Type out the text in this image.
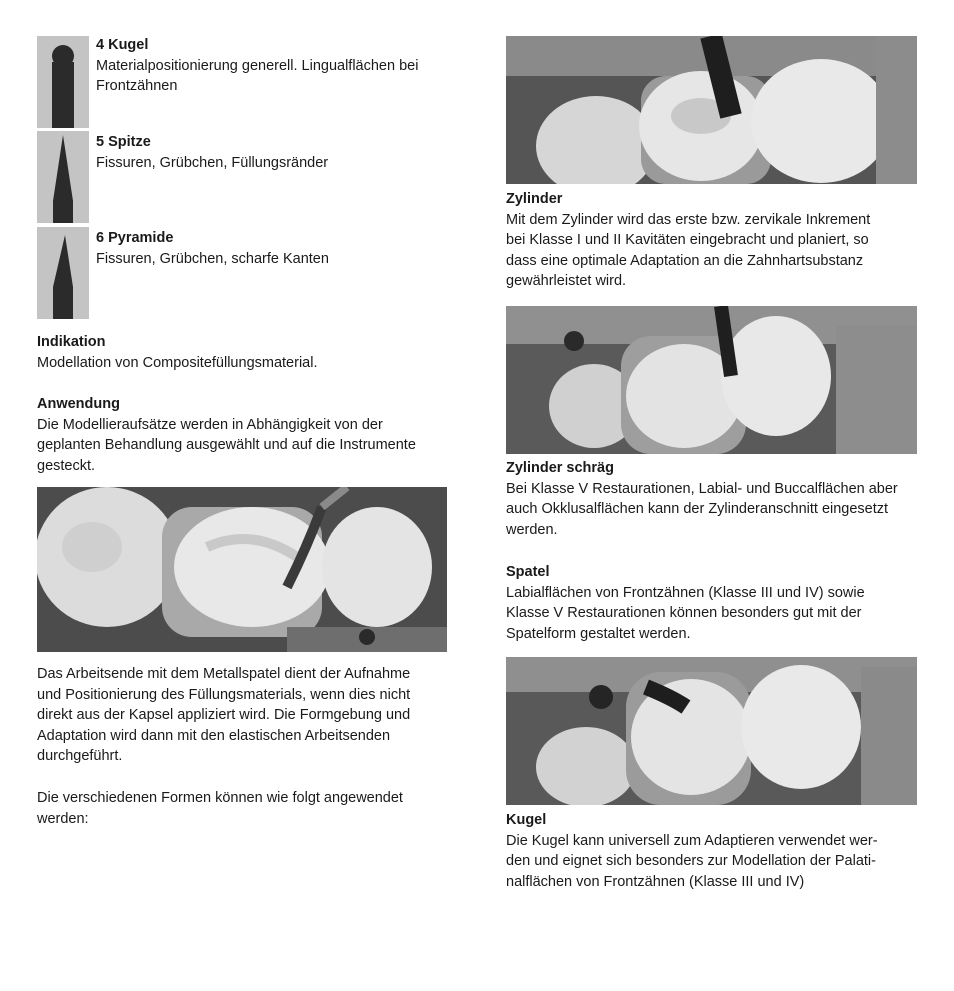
4 Kugel
Materialpositionierung generell. Lingualflächen bei
Frontzähnen
5 Spitze
Fissuren, Grübchen, Füllungsränder
6 Pyramide
Fissuren, Grübchen, scharfe Kanten
Indikation
Modellation von Compositefüllungsmaterial.
Anwendung
Die Modellieraufsätze werden in Abhängigkeit von der
geplanten Behandlung ausgewählt und auf die Instrumente
gesteckt.
Das Arbeitsende mit dem Metallspatel dient der Aufnahme
und Positionierung des Füllungsmaterials, wenn dies nicht
direkt aus der Kapsel appliziert wird. Die Formgebung und
Adaptation wird dann mit den elastischen Arbeitsenden
durchgeführt.
Die verschiedenen Formen können wie folgt angewendet
werden:
Zylinder
Mit dem Zylinder wird das erste bzw. zervikale Inkrement
bei Klasse I und II Kavitäten eingebracht und planiert, so
dass eine optimale Adaptation an die Zahnhartsubstanz
gewährleistet wird.
Zylinder schräg
Bei Klasse V Restaurationen, Labial- und Buccalflächen aber
auch Okklusalflächen kann der Zylinderanschnitt eingesetzt
werden.
Spatel
Labialflächen von Frontzähnen (Klasse III und IV) sowie
Klasse V Restaurationen können besonders gut mit der
Spatelform gestaltet werden.
Kugel
Die Kugel kann universell zum Adaptieren verwendet wer-
den und eignet sich besonders zur Modellation der Palati-
nalflächen von Frontzähnen (Klasse III und IV)
